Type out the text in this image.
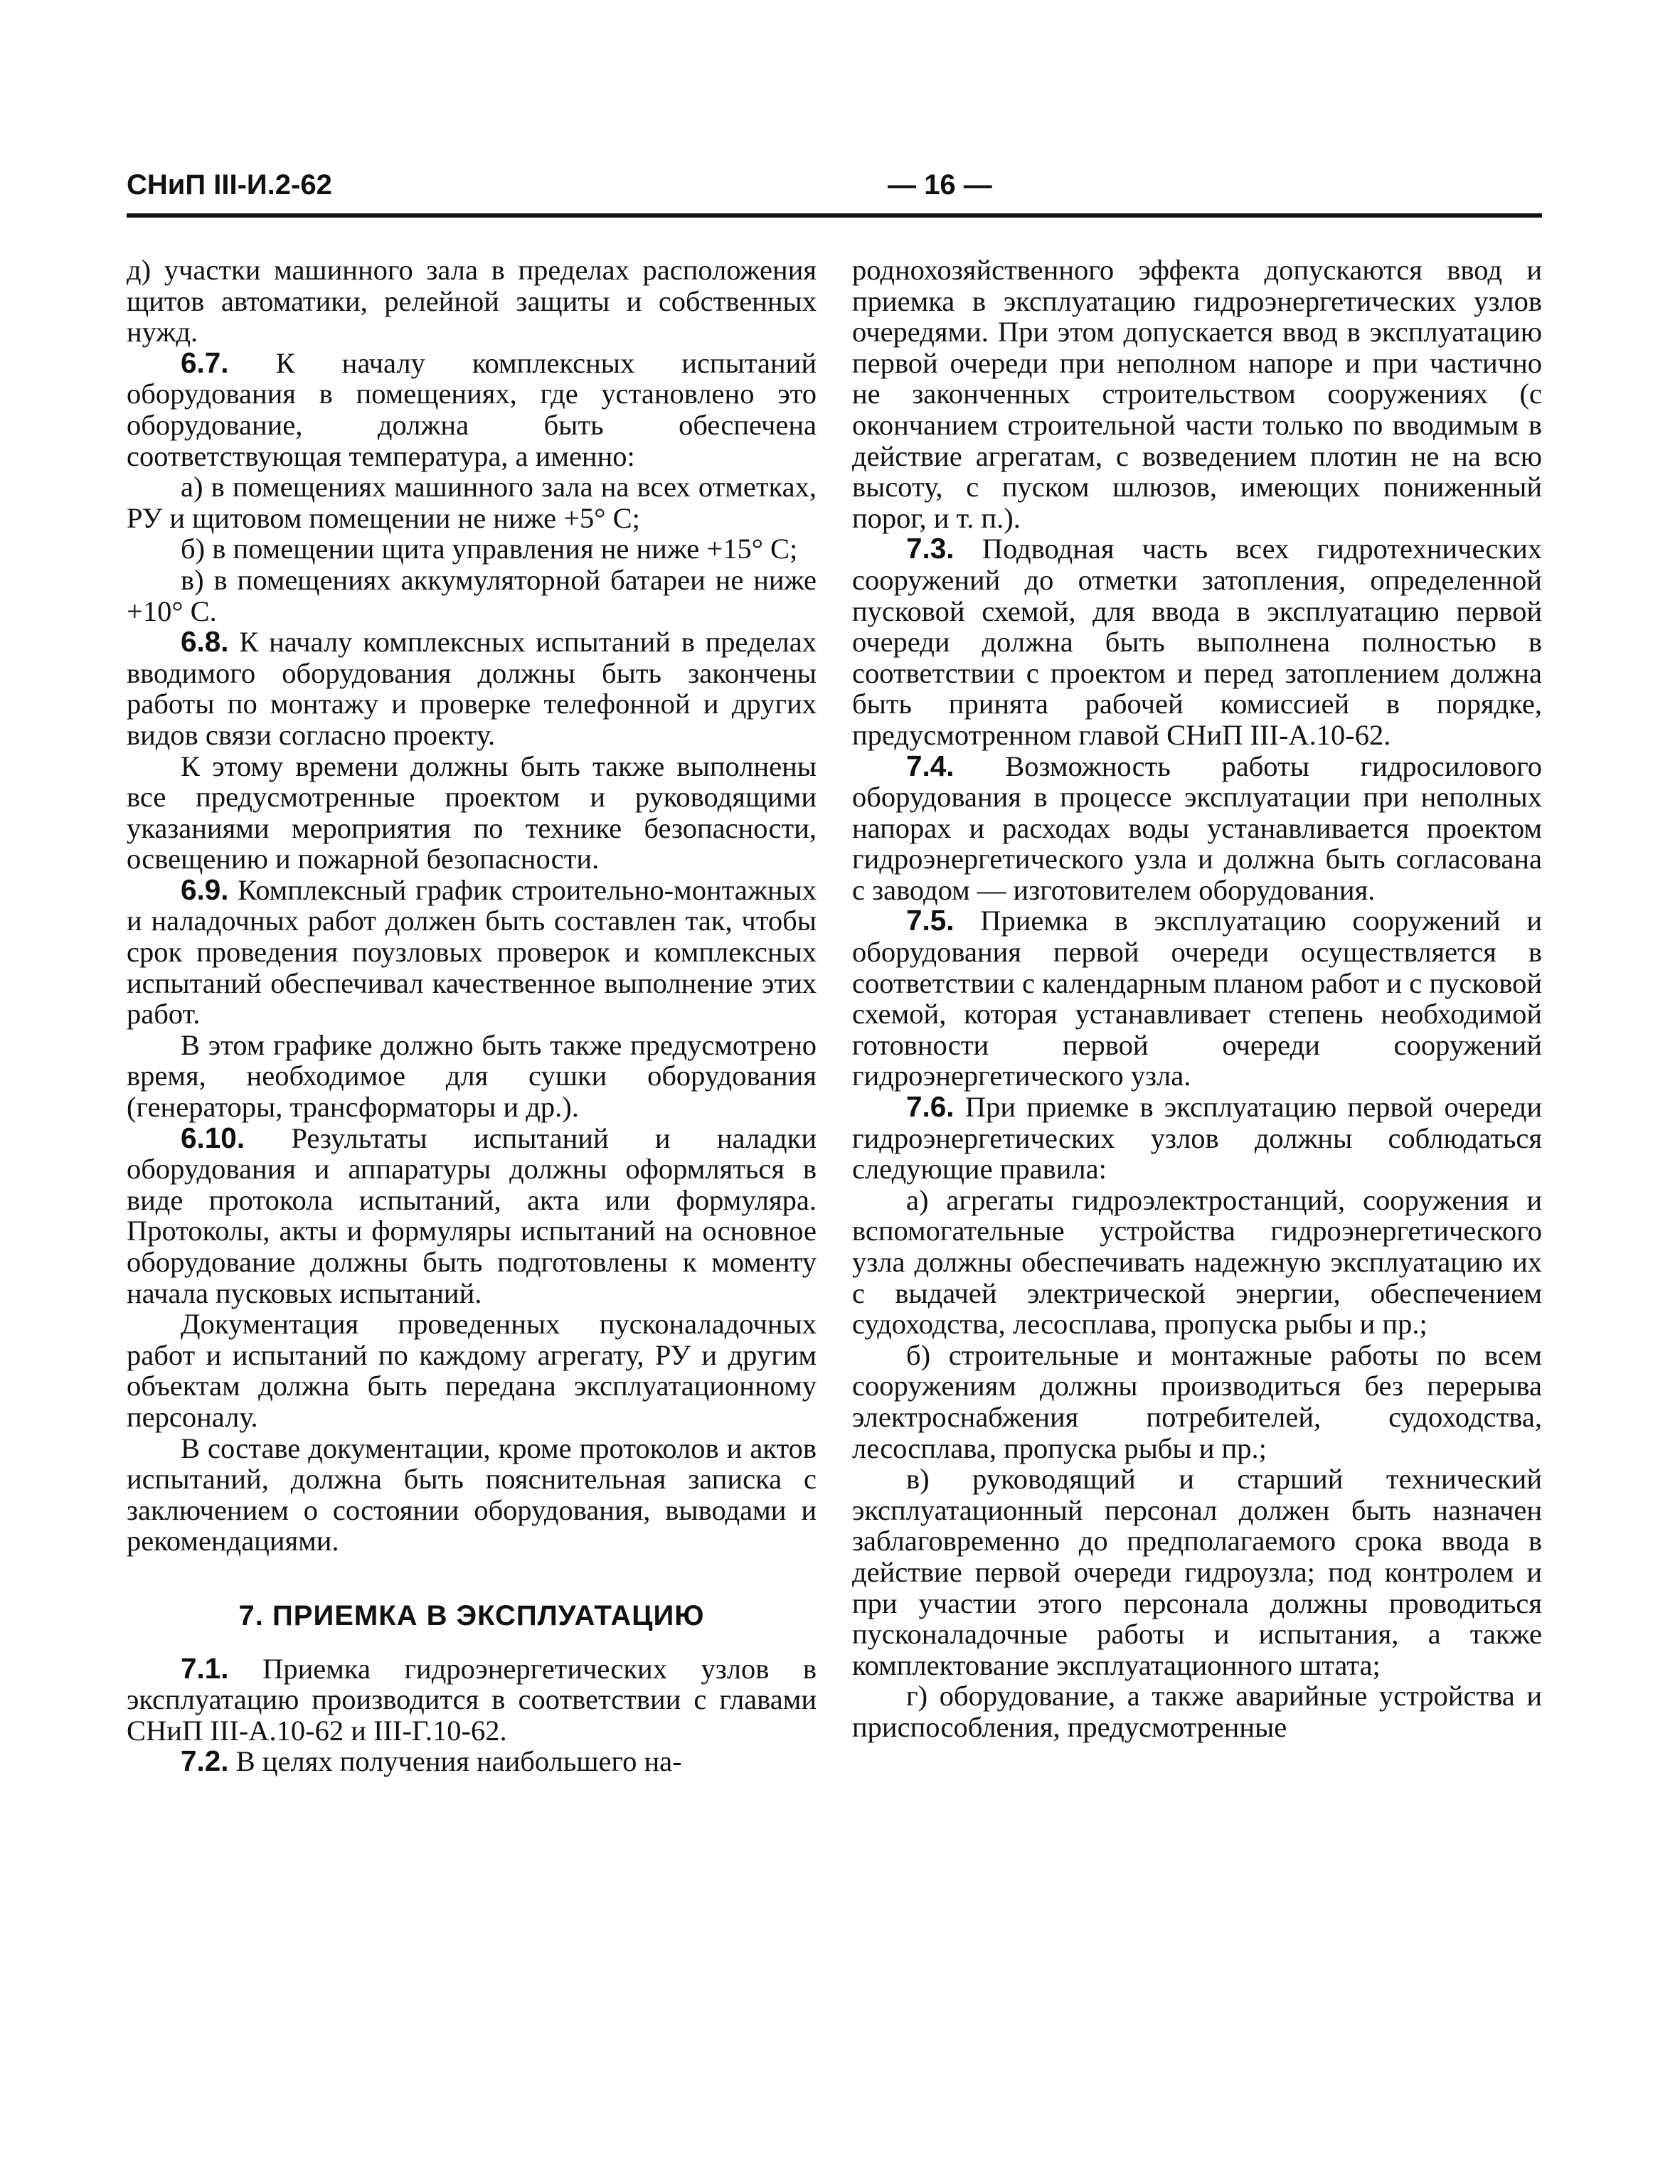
СНиП III-И.2-62	— 16 —

д) участки машинного зала в пределах расположения щитов автоматики, релейной защиты и собственных нужд.

6.7. К началу комплексных испытаний оборудования в помещениях, где установлено это оборудование, должна быть обеспечена соответствующая температура, а именно:

а) в помещениях машинного зала на всех отметках, РУ и щитовом помещении не ниже +5° С;

б) в помещении щита управления не ниже +15° С;

в) в помещениях аккумуляторной батареи не ниже +10° С.

6.8. К началу комплексных испытаний в пределах вводимого оборудования должны быть закончены работы по монтажу и проверке телефонной и других видов связи согласно проекту.

К этому времени должны быть также выполнены все предусмотренные проектом и руководящими указаниями мероприятия по технике безопасности, освещению и пожарной безопасности.

6.9. Комплексный график строительно-монтажных и наладочных работ должен быть составлен так, чтобы срок проведения поузловых проверок и комплексных испытаний обеспечивал качественное выполнение этих работ.

В этом графике должно быть также предусмотрено время, необходимое для сушки оборудования (генераторы, трансформаторы и др.).

6.10. Результаты испытаний и наладки оборудования и аппаратуры должны оформляться в виде протокола испытаний, акта или формуляра. Протоколы, акты и формуляры испытаний на основное оборудование должны быть подготовлены к моменту начала пусковых испытаний.

Документация проведенных пусконаладочных работ и испытаний по каждому агрегату, РУ и другим объектам должна быть передана эксплуатационному персоналу.

В составе документации, кроме протоколов и актов испытаний, должна быть пояснительная записка с заключением о состоянии оборудования, выводами и рекомендациями.

7. ПРИЕМКА В ЭКСПЛУАТАЦИЮ

7.1. Приемка гидроэнергетических узлов в эксплуатацию производится в соответствии с главами СНиП III-А.10-62 и III-Г.10-62.

7.2. В целях получения наибольшего на-

роднохозяйственного эффекта допускаются ввод и приемка в эксплуатацию гидроэнергетических узлов очередями. При этом допускается ввод в эксплуатацию первой очереди при неполном напоре и при частично не законченных строительством сооружениях (с окончанием строительной части только по вводимым в действие агрегатам, с возведением плотин не на всю высоту, с пуском шлюзов, имеющих пониженный порог, и т. п.).

7.3. Подводная часть всех гидротехнических сооружений до отметки затопления, определенной пусковой схемой, для ввода в эксплуатацию первой очереди должна быть выполнена полностью в соответствии с проектом и перед затоплением должна быть принята рабочей комиссией в порядке, предусмотренном главой СНиП III-А.10-62.

7.4. Возможность работы гидросилового оборудования в процессе эксплуатации при неполных напорах и расходах воды устанавливается проектом гидроэнергетического узла и должна быть согласована с заводом — изготовителем оборудования.

7.5. Приемка в эксплуатацию сооружений и оборудования первой очереди осуществляется в соответствии с календарным планом работ и с пусковой схемой, которая устанавливает степень необходимой готовности первой очереди сооружений гидроэнергетического узла.

7.6. При приемке в эксплуатацию первой очереди гидроэнергетических узлов должны соблюдаться следующие правила:

а) агрегаты гидроэлектростанций, сооружения и вспомогательные устройства гидроэнергетического узла должны обеспечивать надежную эксплуатацию их с выдачей электрической энергии, обеспечением судоходства, лесосплава, пропуска рыбы и пр.;

б) строительные и монтажные работы по всем сооружениям должны производиться без перерыва электроснабжения потребителей, судоходства, лесосплава, пропуска рыбы и пр.;

в) руководящий и старший технический эксплуатационный персонал должен быть назначен заблаговременно до предполагаемого срока ввода в действие первой очереди гидроузла; под контролем и при участии этого персонала должны проводиться пусконаладочные работы и испытания, а также комплектование эксплуатационного штата;

г) оборудование, а также аварийные устройства и приспособления, предусмотренные
